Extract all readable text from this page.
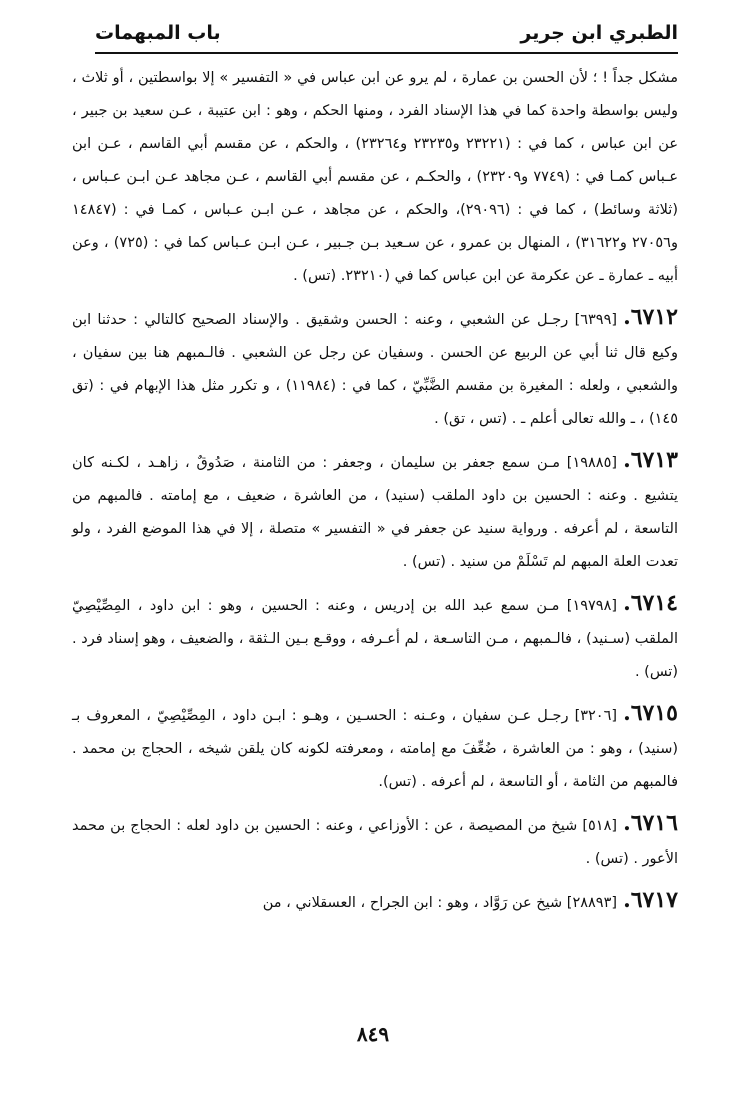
الطبري ابن جرير
باب المبهمات

مشكل جداً ! ؛ لأن الحسن بن عمارة ، لم يرو عن ابن عباس في « التفسير » إلا بواسطتين ، أو ثلاث ، وليس بواسطة واحدة كما في هذا الإسناد الفرد ، ومنها الحكم ، وهو : ابن عتيبة ، عـن سعيد بن جبير ، عن ابن عباس ، كما في : (٢٣٢٢١ و٢٣٢٣٥ و٢٣٢٦٤) ، والحكم ، عن مقسم أبي القاسم ، عـن ابن عـباس كمـا في : (٧٧٤٩ و٢٣٢٠٩) ، والحكـم ، عن مقسم أبي القاسم ، عـن مجاهد عـن ابـن عـباس ، (ثلاثة وسائط) ، كما في : (٢٩٠٩٦)، والحكم ، عن مجاهد ، عـن ابـن عـباس ، كمـا في : (١٤٨٤٧ و٢٧٠٥٦ و٣١٦٢٢) ، المنهال بن عمرو ، عن سـعيد بـن جـبير ، عـن ابـن عـباس كما في : (٧٢٥) ، وعن أبيه ـ عمارة ـ عن عكرمة عن ابن عباس كما في (٢٣٢١٠. (تس) .

٦٧١٢.[٦٣٩٩] رجـل عن الشعبي ، وعنه : الحسن وشقيق . والإسناد الصحيح كالتالي : حدثنا ابن وكيع قال ثنا أبي عن الربيع عن الحسن . وسفيان عن رجل عن الشعبي . فالـمبهم هنا بين سفيان ، والشعبي ، ولعله : المغيرة بن مقسم الضَّبِّيّ ، كما في : (١١٩٨٤) ، و تكرر مثل هذا الإبهام في : (تق ١٤٥) ، ـ والله تعالى أعلم ـ . (تس ، تق) .

٦٧١٣.[١٩٨٨٥] مـن سمع جعفر بن سليمان ، وجعفر : من الثامنة ، صَدُوقٌ ، زاهـد ، لكـنه كان يتشيع . وعنه : الحسين بن داود الملقب (سنيد) ، من العاشرة ، ضعيف ، مع إمامته . فالمبهم من التاسعة ، لم أعرفه . ورواية سنيد عن جعفر في « التفسير » متصلة ، إلا في هذا الموضع الفرد ، ولو تعدت العلة المبهم لم تَسْلَمْ من سنيد . (تس) .

٦٧١٤.[١٩٧٩٨] مـن سمع عبد الله بن إدريس ، وعنه : الحسين ، وهو : ابن داود ، المِصِّيْصِيّ الملقب (سـنيد) ، فالـمبهم ، مـن التاسـعة ، لم أعـرفه ، ووقـع بـين الـثقة ، والضعيف ، وهو إسناد فرد . (تس) .

٦٧١٥.[٣٢٠٦] رجـل عـن سفيان ، وعـنه : الحسـين ، وهـو : ابـن داود ، المِصِّيْصِيّ ، المعروف بـ (سنيد) ، وهو : من العاشرة ، ضُعِّفَ مع إمامته ، ومعرفته لكونه كان يلقن شيخه ، الحجاج بن محمد . فالمبهم من الثامة ، أو التاسعة ، لم أعرفه . (تس).

٦٧١٦.[٥١٨] شيخ من المصيصة ، عن : الأوزاعي ، وعنه : الحسين بن داود لعله : الحجاج بن محمد الأعور . (تس) .

٦٧١٧.[٢٨٨٩٣] شيخ عن رَوَّاد ، وهو : ابن الجراح ، العسقلاني ، من

٨٤٩
